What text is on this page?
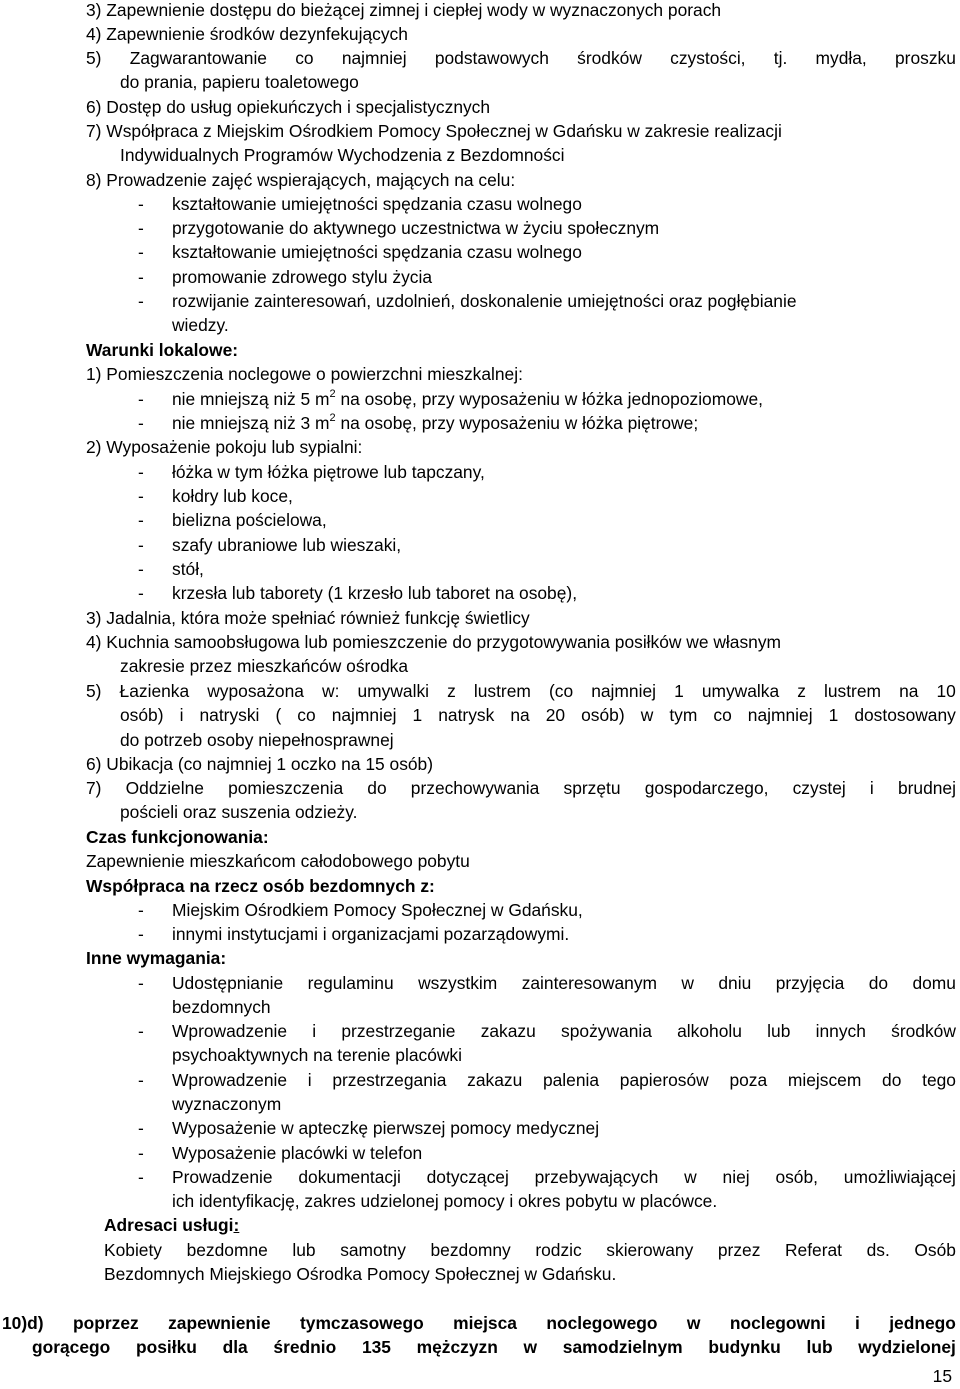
3) Zapewnienie dostępu do bieżącej zimnej i ciepłej wody w wyznaczonych porach
4) Zapewnienie środków dezynfekujących
5) Zagwarantowanie co najmniej podstawowych środków czystości, tj. mydła, proszku
do prania, papieru toaletowego
6) Dostęp do usług opiekuńczych i specjalistycznych
7) Współpraca z Miejskim Ośrodkiem Pomocy Społecznej w Gdańsku w zakresie realizacji
Indywidualnych Programów Wychodzenia z Bezdomności
8) Prowadzenie zajęć wspierających, mających na celu:
- kształtowanie umiejętności spędzania czasu wolnego
- przygotowanie do aktywnego uczestnictwa w życiu społecznym
- kształtowanie umiejętności spędzania czasu wolnego
- promowanie zdrowego stylu życia
- rozwijanie zainteresowań, uzdolnień, doskonalenie umiejętności oraz pogłębianie
wiedzy.
Warunki lokalowe:
1) Pomieszczenia noclegowe o powierzchni mieszkalnej:
- nie mniejszą niż 5 $m^2$ na osobę, przy wyposażeniu w łóżka jednopoziomowe,
- nie mniejszą niż 3 $m^2$ na osobę, przy wyposażeniu w łóżka piętrowe;
2) Wyposażenie pokoju lub sypialni:
- łóżka w tym łóżka piętrowe lub tapczany,
- kołdry lub koce,
- bielizna pościelowa,
- szafy ubraniowe lub wieszaki,
- stół,
- krzesła lub taborety (1 krzesło lub taboret na osobę),
3) Jadalnia, która może spełniać również funkcję świetlicy
4) Kuchnia samoobsługowa lub pomieszczenie do przygotowywania posiłków we własnym
zakresie przez mieszkańców ośrodka
5) Łazienka wyposażona w: umywalki z lustrem (co najmniej 1 umywalka z lustrem na 10
osób) i natryski ( co najmniej 1 natrysk na 20 osób) w tym co najmniej 1 dostosowany
do potrzeb osoby niepełnosprawnej
6) Ubikacja (co najmniej 1 oczko na 15 osób)
7) Oddzielne pomieszczenia do przechowywania sprzętu gospodarczego, czystej i brudnej
pościeli oraz suszenia odzieży.
Czas funkcjonowania:
Zapewnienie mieszkańcom całodobowego pobytu
Współpraca na rzecz osób bezdomnych z:
- Miejskim Ośrodkiem Pomocy Społecznej w Gdańsku,
- innymi instytucjami i organizacjami pozarządowymi.
Inne wymagania:
- Udostępnianie regulaminu wszystkim zainteresowanym w dniu przyjęcia do domu
bezdomnych
- Wprowadzenie i przestrzeganie zakazu spożywania alkoholu lub innych środków
psychoaktywnych na terenie placówki
- Wprowadzenie i przestrzegania zakazu palenia papierosów poza miejscem do tego
wyznaczonym
- Wyposażenie w apteczkę pierwszej pomocy medycznej
- Wyposażenie placówki w telefon
- Prowadzenie dokumentacji dotyczącej przebywających w niej osób, umożliwiającej
ich identyfikację, zakres udzielonej pomocy i okres pobytu w placówce.
Adresaci usługi:
Kobiety bezdomne lub samotny bezdomny rodzic skierowany przez Referat ds. Osób
Bezdomnych Miejskiego Ośrodka Pomocy Społecznej w Gdańsku.
10)d) poprzez zapewnienie tymczasowego miejsca noclegowego w noclegowni i jednego
gorącego posiłku dla średnio 135 mężczyzn w samodzielnym budynku lub wydzielonej
15
